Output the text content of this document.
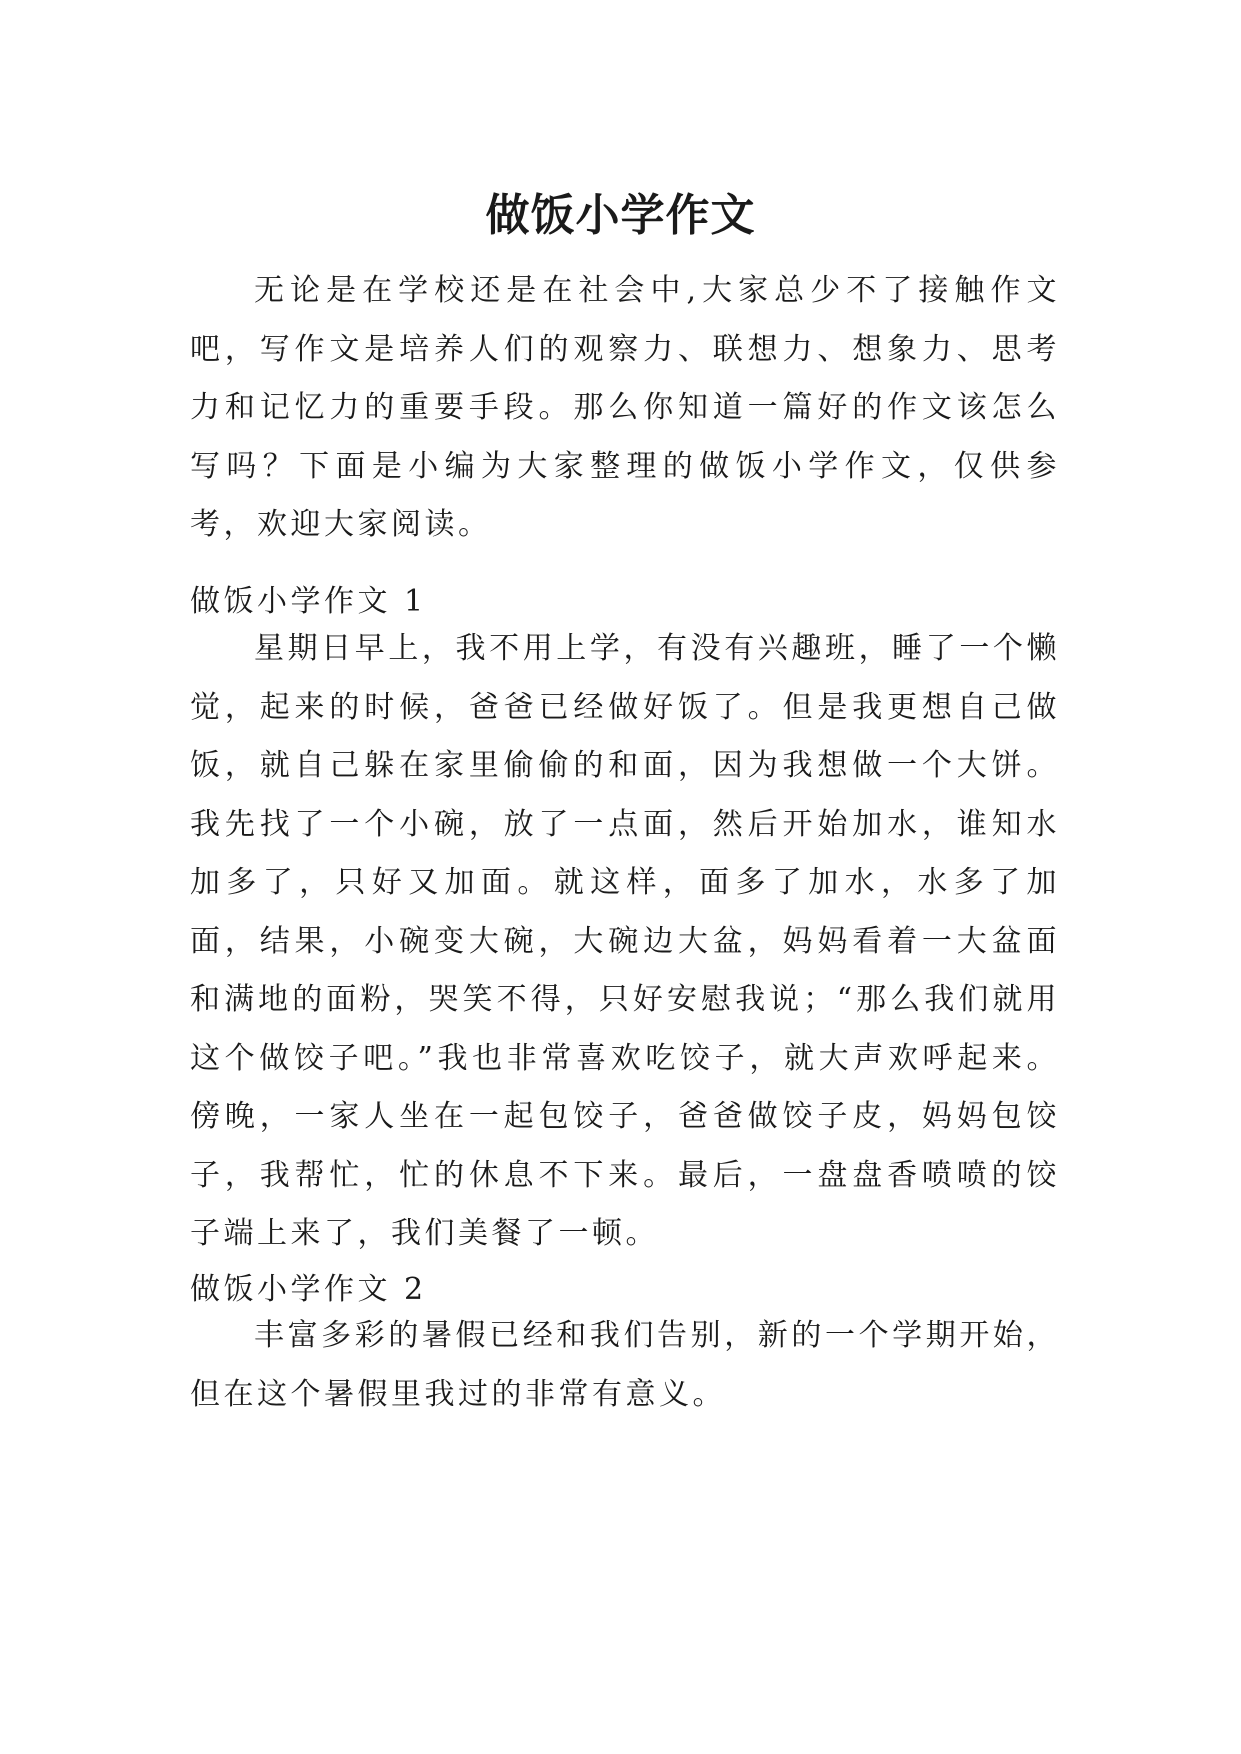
做饭小学作文

无论是在学校还是在社会中,大家总少不了接触作文吧，写作文是培养人们的观察力、联想力、想象力、思考力和记忆力的重要手段。那么你知道一篇好的作文该怎么写吗？下面是小编为大家整理的做饭小学作文，仅供参考，欢迎大家阅读。

做饭小学作文 1

星期日早上，我不用上学，有没有兴趣班，睡了一个懒觉，起来的时候，爸爸已经做好饭了。但是我更想自己做饭，就自己躲在家里偷偷的和面，因为我想做一个大饼。我先找了一个小碗，放了一点面，然后开始加水，谁知水加多了，只好又加面。就这样，面多了加水，水多了加面，结果，小碗变大碗，大碗边大盆，妈妈看着一大盆面和满地的面粉，哭笑不得，只好安慰我说；“那么我们就用这个做饺子吧。”我也非常喜欢吃饺子，就大声欢呼起来。 傍晚，一家人坐在一起包饺子，爸爸做饺子皮，妈妈包饺子，我帮忙，忙的休息不下来。最后，一盘盘香喷喷的饺子端上来了，我们美餐了一顿。

做饭小学作文 2

丰富多彩的暑假已经和我们告别，新的一个学期开始，但在这个暑假里我过的非常有意义。
